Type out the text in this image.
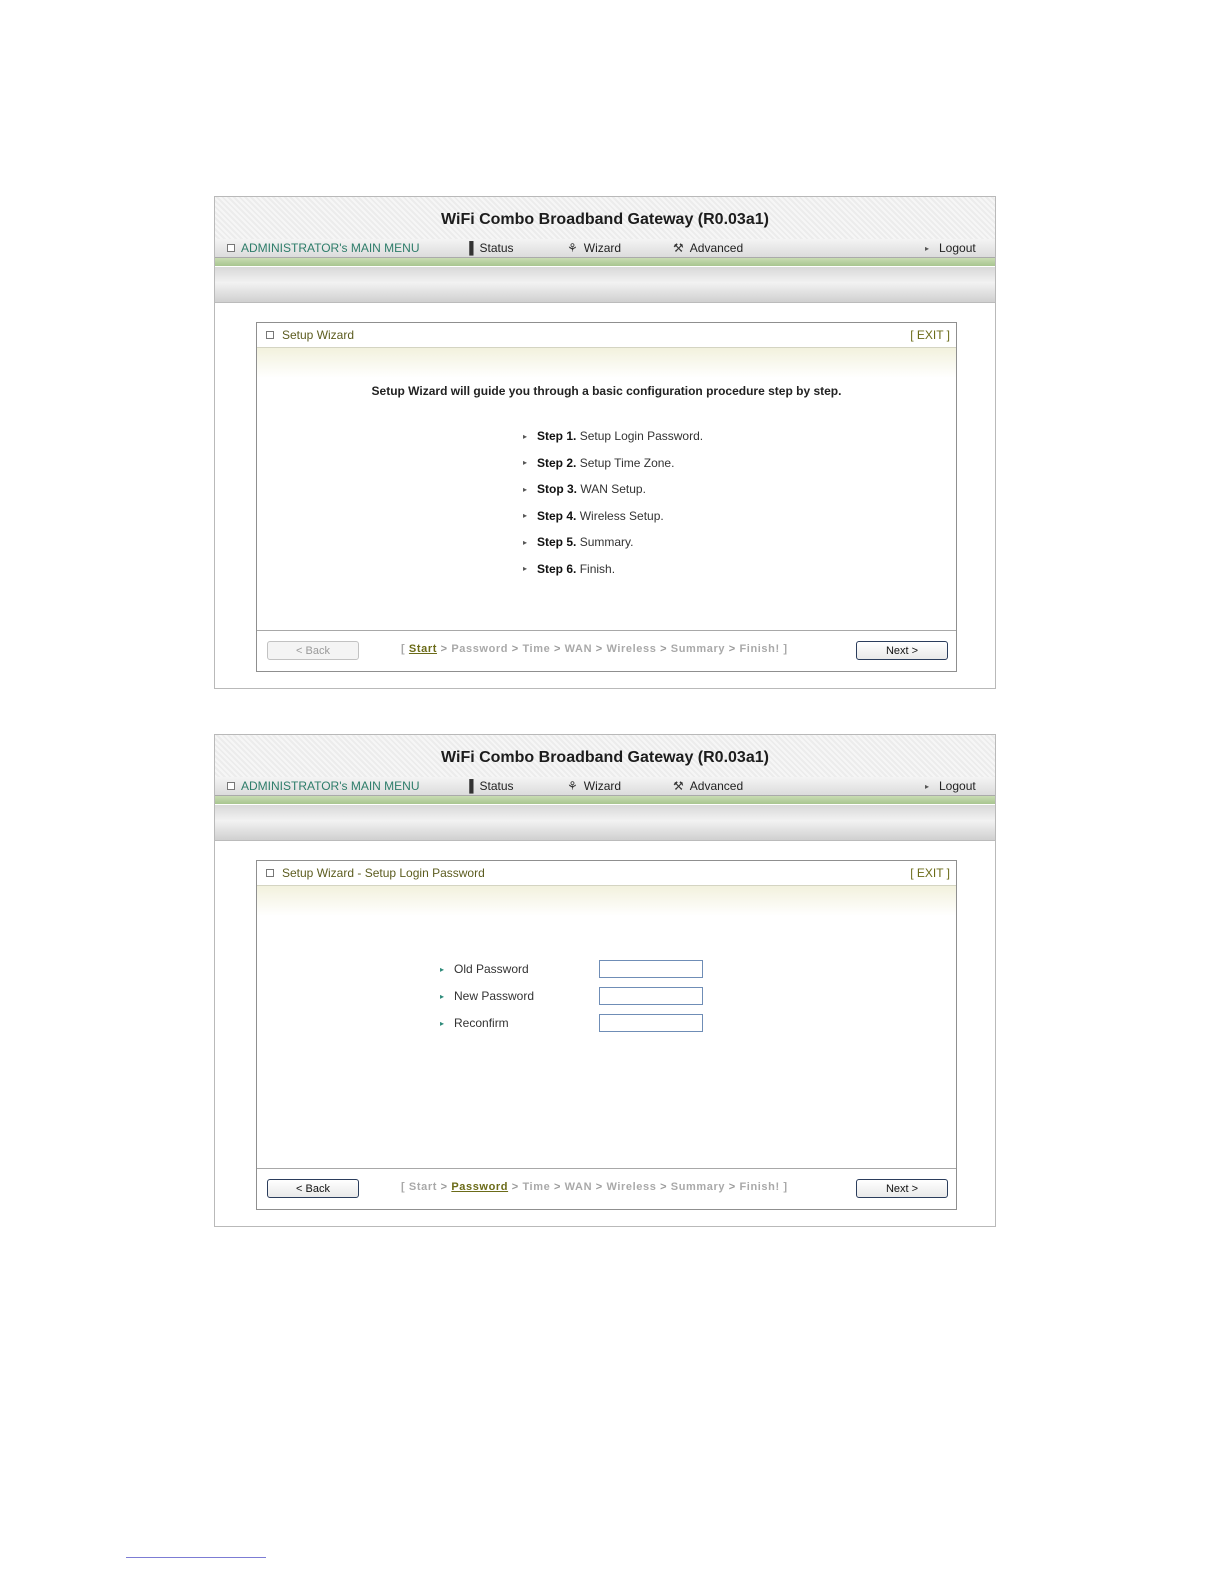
WiFi Combo Broadband Gateway (R0.03a1)
ADMINISTRATOR's MAIN MENU	▐ Status	⚘ Wizard	⚒ Advanced	▸ Logout
Setup Wizard	[ EXIT ]
Setup Wizard will guide you through a basic configuration procedure step by step.
▸ Step 1. Setup Login Password.
▸ Step 2. Setup Time Zone.
▸ Stop 3. WAN Setup.
▸ Step 4. Wireless Setup.
▸ Step 5. Summary.
▸ Step 6. Finish.
< Back	[ Start > Password > Time > WAN > Wireless > Summary > Finish! ]	Next >
WiFi Combo Broadband Gateway (R0.03a1)
ADMINISTRATOR's MAIN MENU	▐ Status	⚘ Wizard	⚒ Advanced	▸ Logout
Setup Wizard - Setup Login Password	[ EXIT ]
▸ Old Password
▸ New Password
▸ Reconfirm
< Back	[ Start > Password > Time > WAN > Wireless > Summary > Finish! ]	Next >
